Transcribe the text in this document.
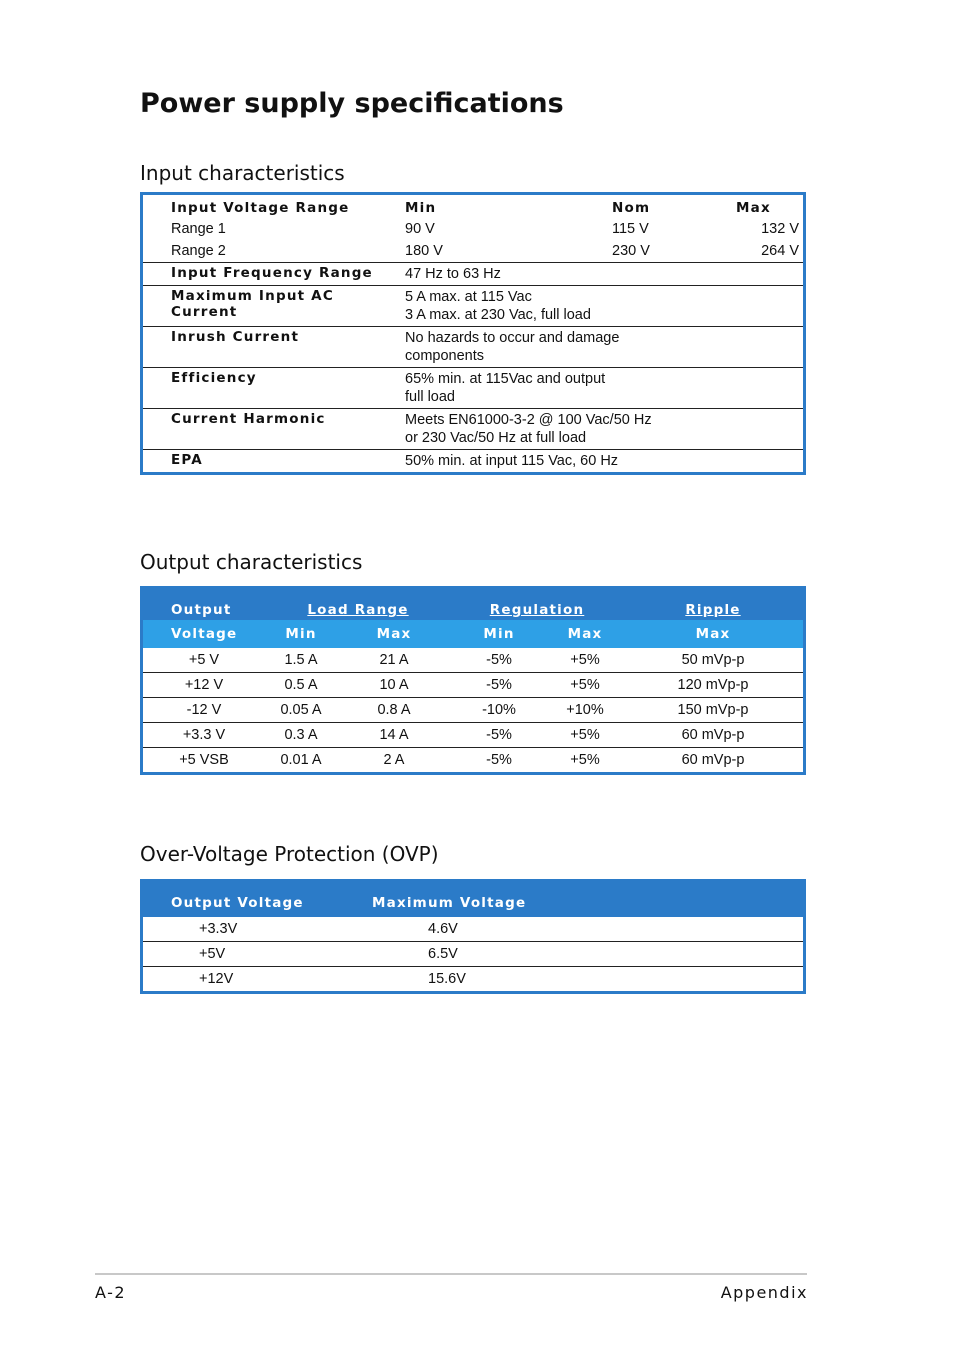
Power supply specifications
Input characteristics
Input Voltage Range	Min	Nom	Max
Range 1	90 V	115 V	132 V
Range 2	180 V	230 V	264 V
Input Frequency Range	47 Hz to 63 Hz		
Maximum Input AC Current	5 A max. at 115 Vac
3 A max. at 230 Vac, full load		
Inrush Current	No hazards to occur and damage
components		
Efficiency	65% min. at 115Vac and output
full load		
Current Harmonic	Meets EN61000-3-2 @ 100 Vac/50 Hz
or 230 Vac/50 Hz at full load		
EPA	50% min. at input 115 Vac, 60 Hz		
Output characteristics
Output	Load Range		Regulation		Ripple
Voltage	Min	Max	Min	Max	Max
+5 V	1.5 A	21 A	-5%	+5%	50 mVp-p
+12 V	0.5 A	10 A	-5%	+5%	120 mVp-p
-12 V	0.05 A	0.8 A	-10%	+10%	150 mVp-p
+3.3 V	0.3 A	14 A	-5%	+5%	60 mVp-p
+5 VSB	0.01 A	2 A	-5%	+5%	60 mVp-p
Over-Voltage Protection (OVP)
Output Voltage	Maximum Voltage
+3.3V	4.6V
+5V	6.5V
+12V	15.6V
A-2	Appendix
